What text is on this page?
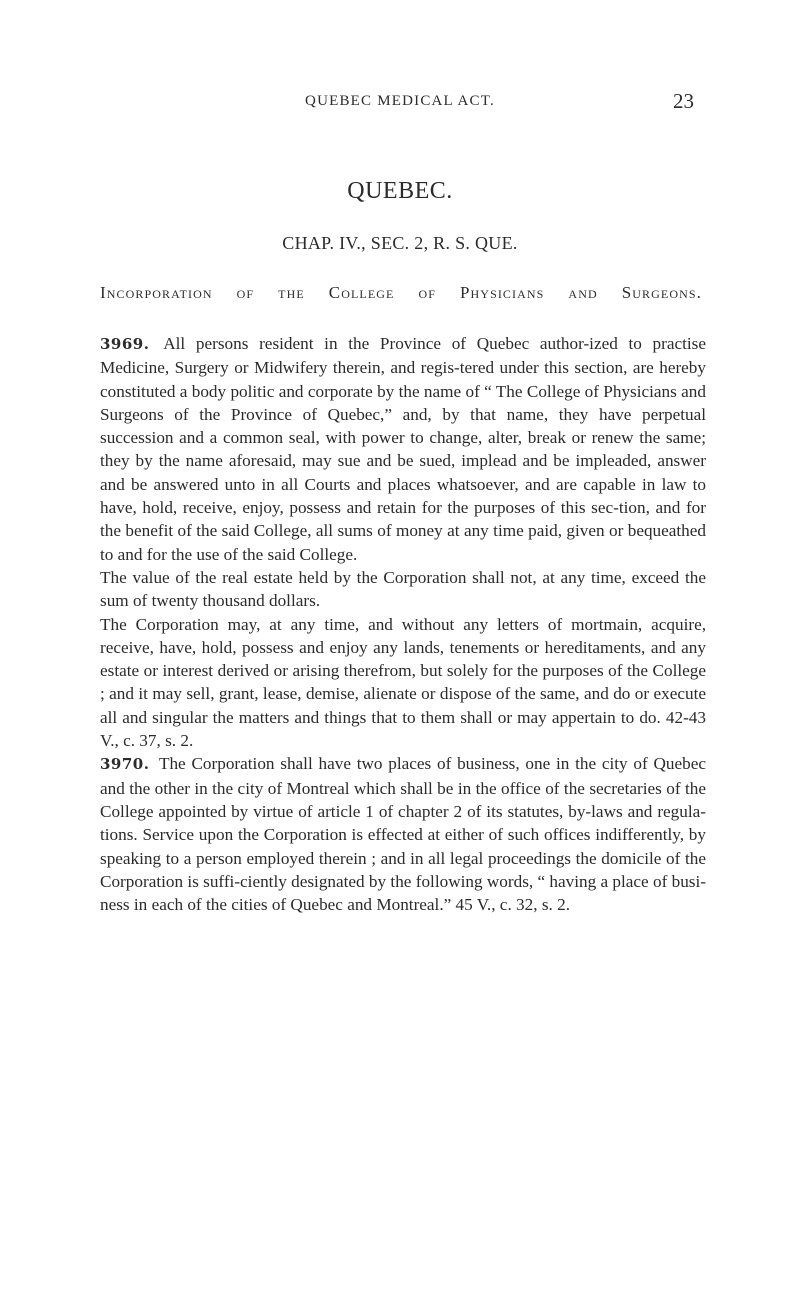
QUEBEC MEDICAL ACT.	23
QUEBEC.
CHAP. IV., SEC. 2, R. S. QUE.
Incorporation of the College of Physicians and Surgeons.

3969. All persons resident in the Province of Quebec author-ized to practise Medicine, Surgery or Midwifery therein, and regis-tered under this section, are hereby constituted a body politic and corporate by the name of “ The College of Physicians and Surgeons of the Province of Quebec,” and, by that name, they have perpetual succession and a common seal, with power to change, alter, break or renew the same; they by the name aforesaid, may sue and be sued, implead and be impleaded, answer and be answered unto in all Courts and places whatsoever, and are capable in law to have, hold, receive, enjoy, possess and retain for the purposes of this sec-tion, and for the benefit of the said College, all sums of money at any time paid, given or bequeathed to and for the use of the said College.

The value of the real estate held by the Corporation shall not, at any time, exceed the sum of twenty thousand dollars.

The Corporation may, at any time, and without any letters of mortmain, acquire, receive, have, hold, possess and enjoy any lands, tenements or hereditaments, and any estate or interest derived or arising therefrom, but solely for the purposes of the College ; and it may sell, grant, lease, demise, alienate or dispose of the same, and do or execute all and singular the matters and things that to them shall or may appertain to do. 42-43 V., c. 37, s. 2.

3970. The Corporation shall have two places of business, one in the city of Quebec and the other in the city of Montreal which shall be in the office of the secretaries of the College appointed by virtue of article 1 of chapter 2 of its statutes, by-laws and regula-tions. Service upon the Corporation is effected at either of such offices indifferently, by speaking to a person employed therein ; and in all legal proceedings the domicile of the Corporation is suffi-ciently designated by the following words, “ having a place of busi-ness in each of the cities of Quebec and Montreal.” 45 V., c. 32, s. 2.
